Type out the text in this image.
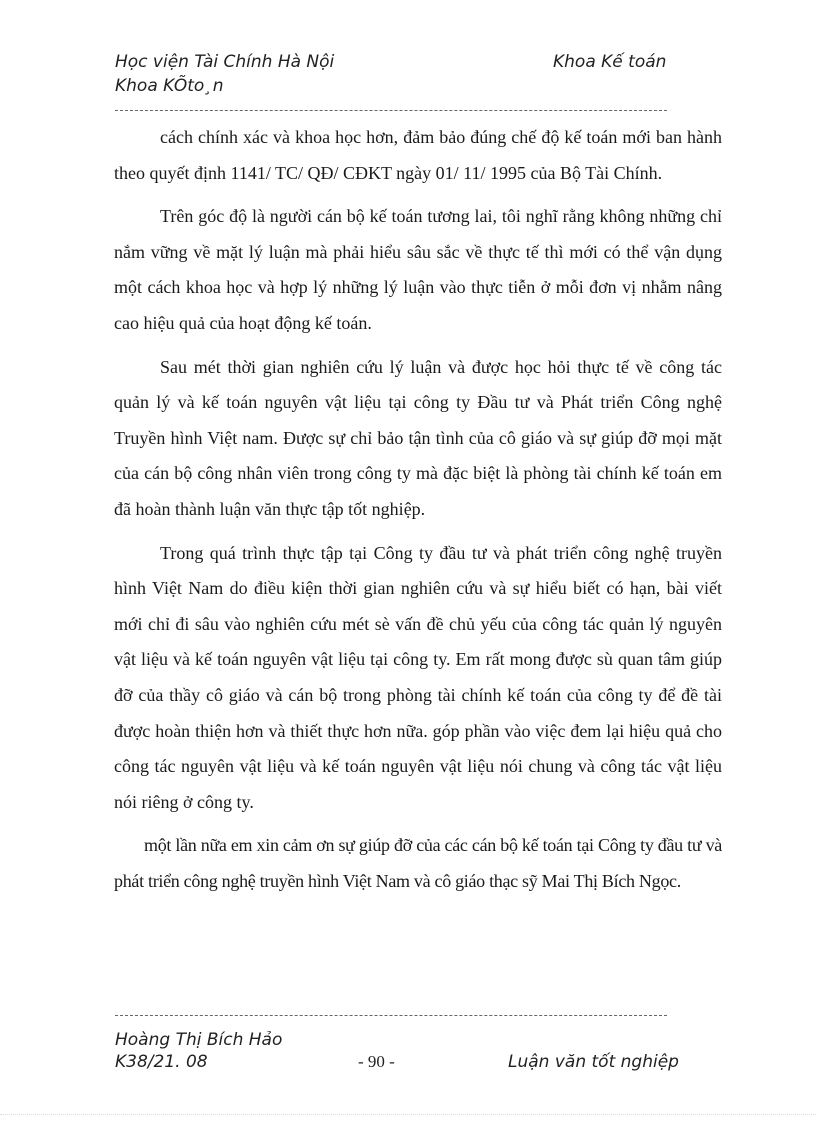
Học viện Tài Chính Hà Nội
Khoa KÕto¸n
Khoa Kế toán

cách chính xác và khoa học hơn, đảm bảo đúng chế độ kế toán mới ban hành theo quyết định 1141/ TC/ QĐ/ CĐKT ngày 01/ 11/ 1995 của Bộ Tài Chính.

Trên góc độ là người cán bộ kế toán tương lai, tôi nghĩ rằng không những chỉ nắm vững về mặt lý luận mà phải hiểu sâu sắc về thực tế thì mới có thể vận dụng một cách khoa học và hợp lý những lý luận vào thực tiễn ở mỗi đơn vị nhằm nâng cao hiệu quả của hoạt động kế toán.

Sau mét thời gian nghiên cứu lý luận và được học hỏi thực tế về công tác quản lý và kế toán nguyên vật liệu tại công ty Đầu tư và Phát triển Công nghệ Truyền hình Việt nam. Được sự chỉ bảo tận tình của cô giáo và sự giúp đỡ mọi mặt của cán bộ công nhân viên trong công ty mà đặc biệt là phòng tài chính kế toán em đã hoàn thành luận văn thực tập tốt nghiệp.

Trong quá trình thực tập tại Công ty đầu tư và phát triển công nghệ truyền hình Việt Nam do điều kiện thời gian nghiên cứu và sự hiểu biết có hạn, bài viết mới chỉ đi sâu vào nghiên cứu mét sè vấn đề chủ yếu của công tác quản lý nguyên vật liệu và kế toán nguyên vật liệu tại công ty. Em rất mong được sù quan tâm giúp đỡ của thầy cô giáo và cán bộ trong phòng tài chính kế toán của công ty để đề tài được hoàn thiện hơn và thiết thực hơn nữa. góp phần vào việc đem lại hiệu quả cho công tác nguyên vật liệu và kế toán nguyên vật liệu nói chung và công tác vật liệu nói riêng ở công ty.

một lần nữa em xin cảm ơn sự giúp đỡ của các cán bộ kế toán tại Công ty đầu tư và phát triển công nghệ truyền hình Việt Nam và cô giáo thạc sỹ Mai Thị Bích Ngọc.

Hoàng Thị Bích Hảo
K38/21. 08	- 90 -	Luận văn tốt nghiệp
